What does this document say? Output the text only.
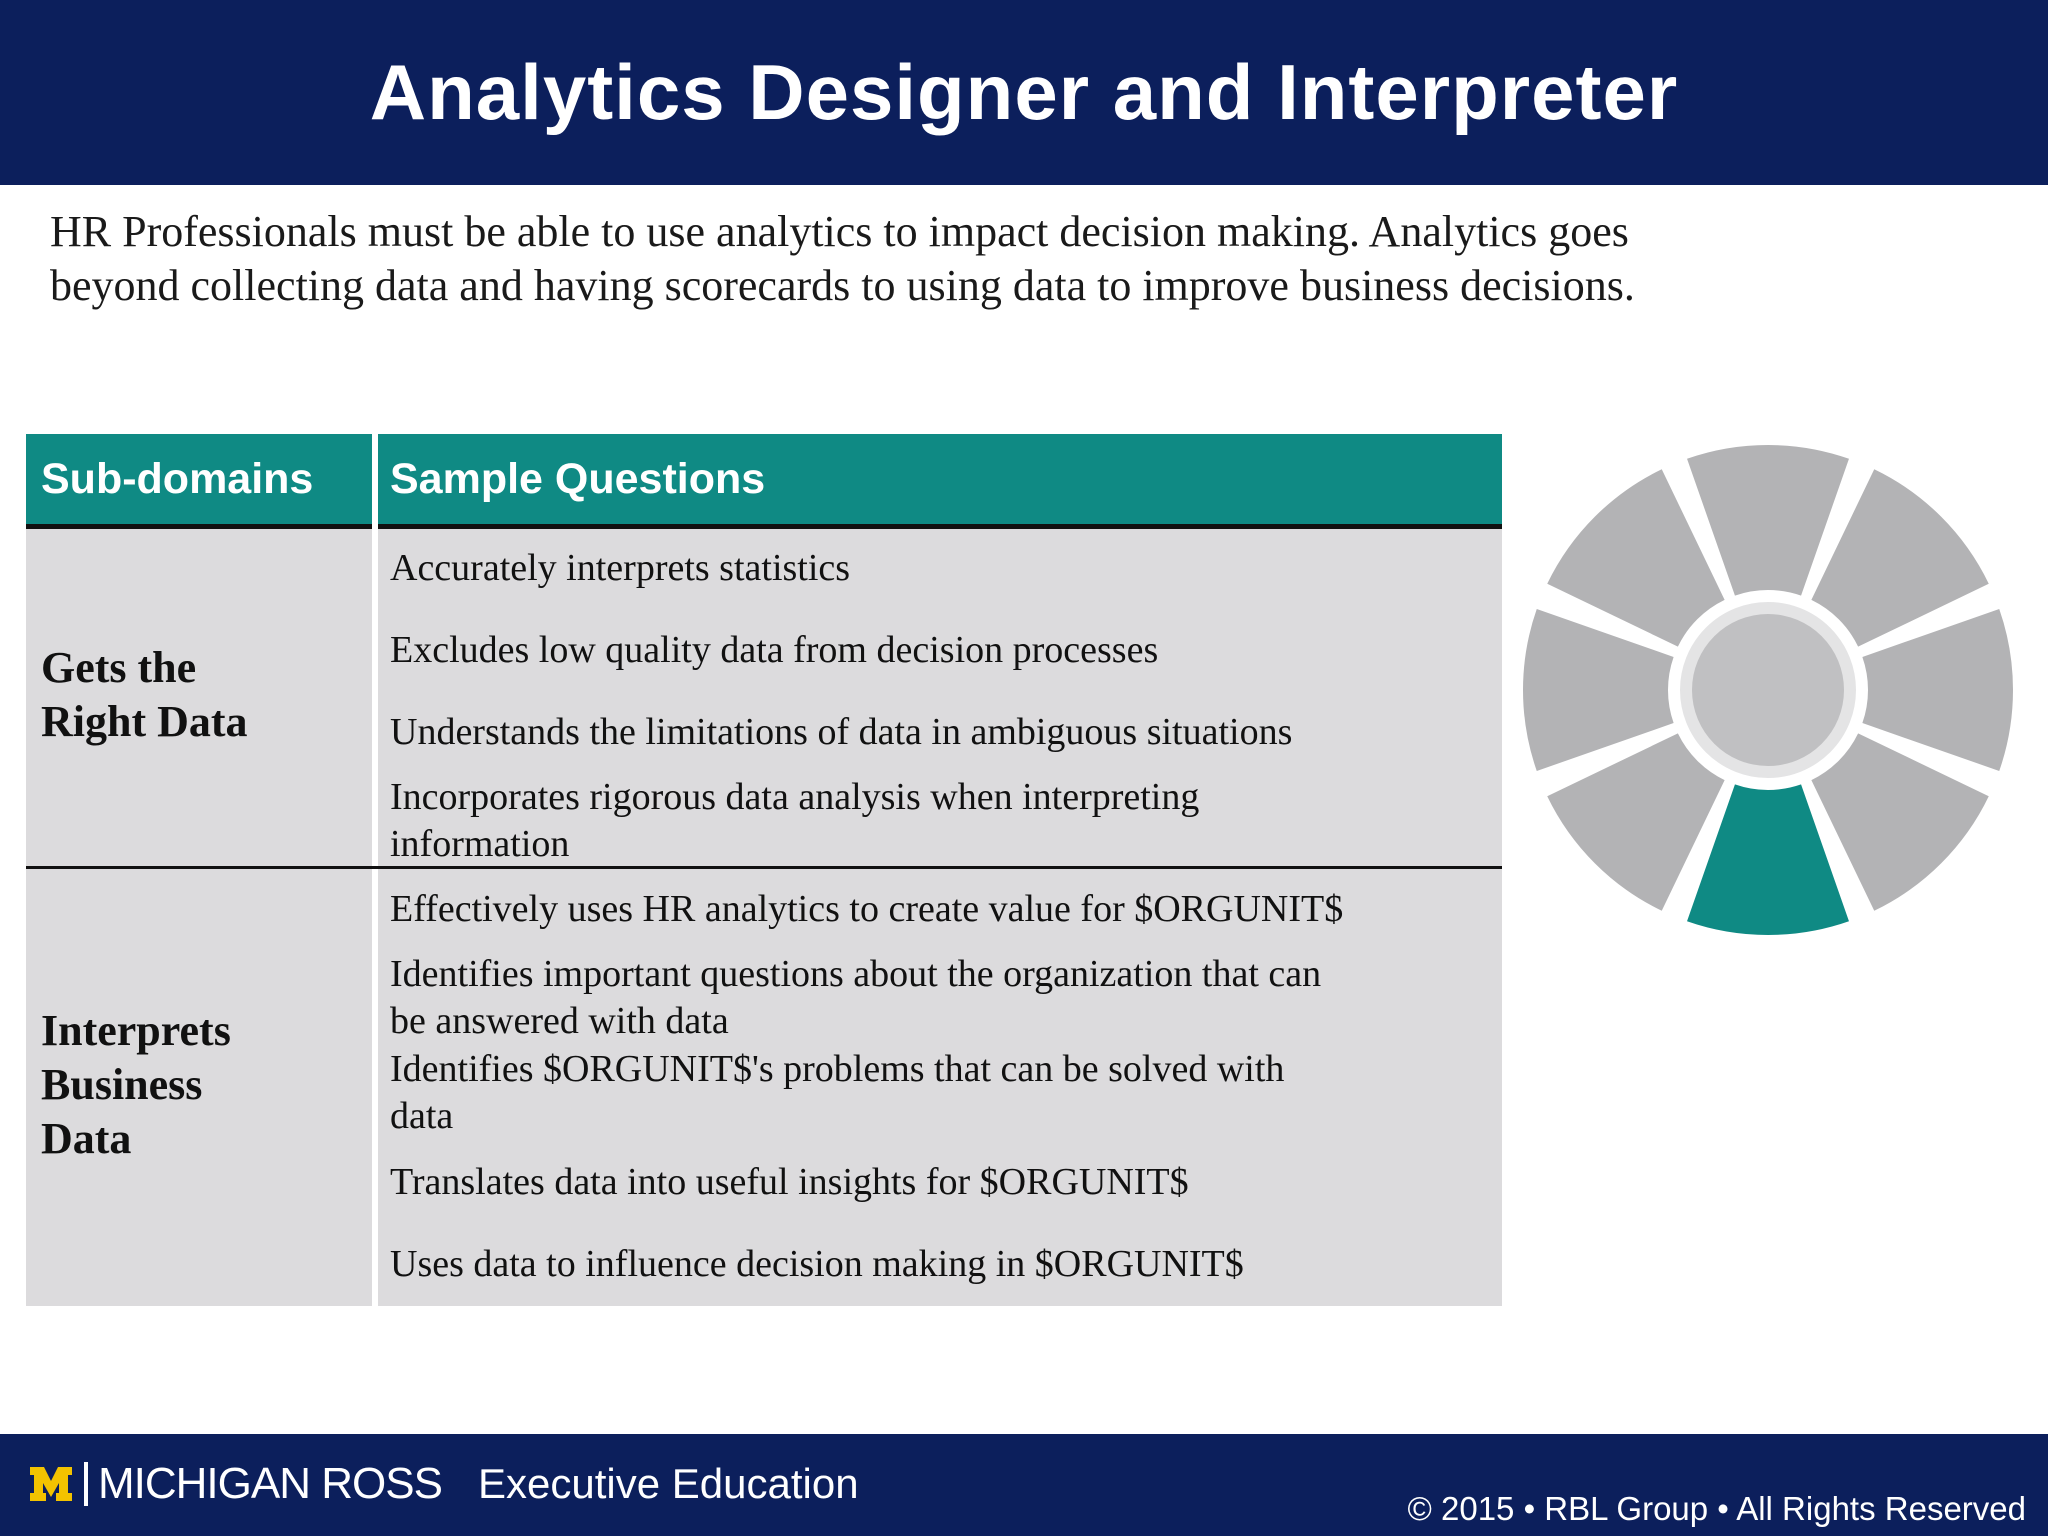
Analytics Designer and Interpreter
HR Professionals must be able to use analytics to impact decision making. Analytics goes
beyond collecting data and having scorecards to using data to improve business decisions.
Sub-domains Sample Questions
Gets the
Right Data
Accurately interprets statistics
Excludes low quality data from decision processes
Understands the limitations of data in ambiguous situations
Incorporates rigorous data analysis when interpreting
information
Interprets
Business
Data
Effectively uses HR analytics to create value for $ORGUNIT$
Identifies important questions about the organization that can
be answered with data
Identifies $ORGUNIT$'s problems that can be solved with
data
Translates data into useful insights for $ORGUNIT$
Uses data to influence decision making in $ORGUNIT$
MICHIGAN ROSS Executive Education
© 2015 • RBL Group • All Rights Reserved
